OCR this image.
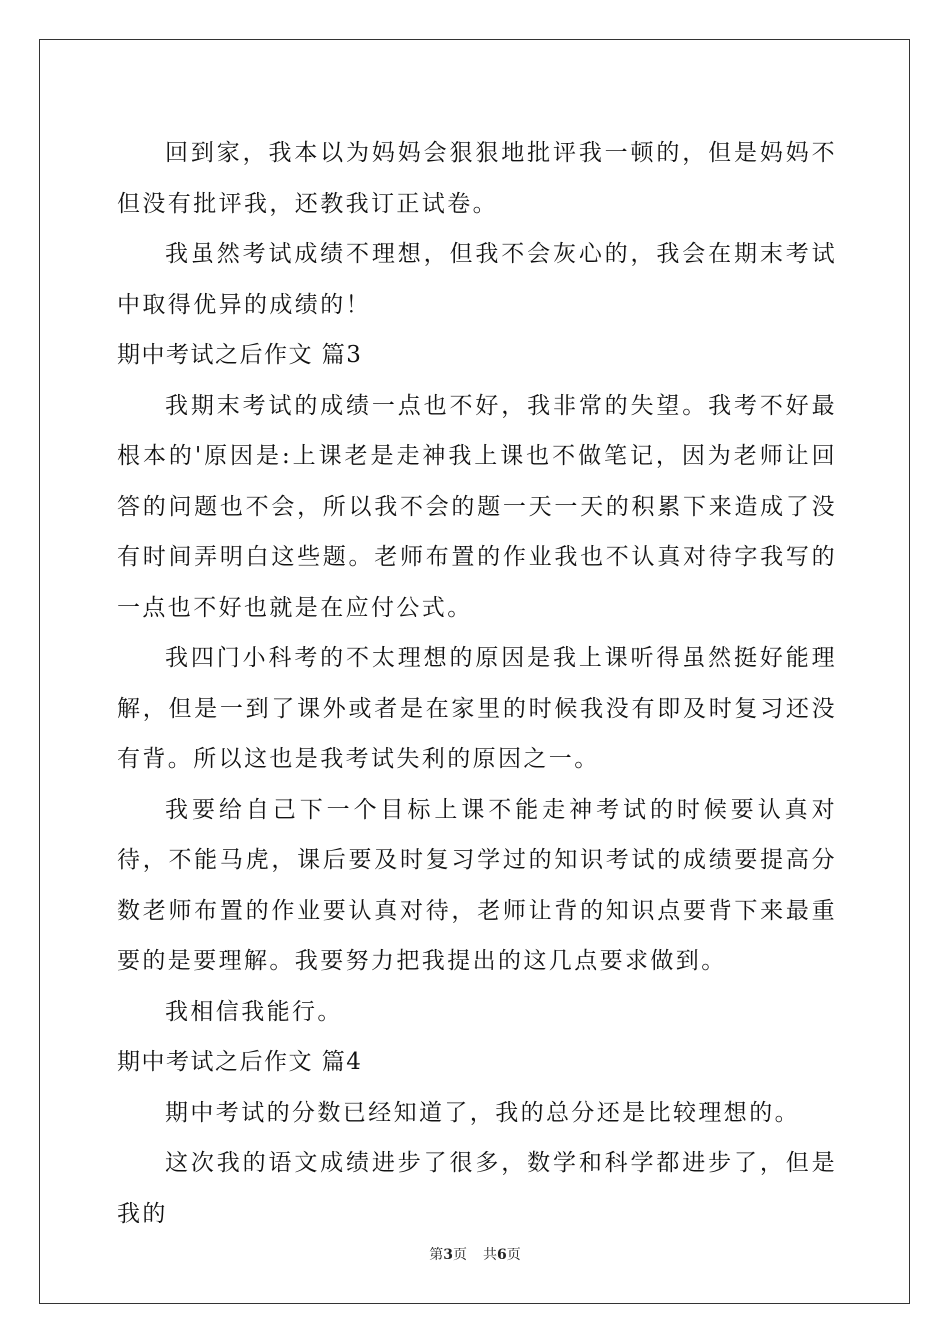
回到家，我本以为妈妈会狠狠地批评我一顿的，但是妈妈不但没有批评我，还教我订正试卷。

我虽然考试成绩不理想，但我不会灰心的，我会在期末考试中取得优异的成绩的！

期中考试之后作文 篇3

我期末考试的成绩一点也不好，我非常的失望。我考不好最根本的'原因是:上课老是走神我上课也不做笔记，因为老师让回答的问题也不会，所以我不会的题一天一天的积累下来造成了没有时间弄明白这些题。老师布置的作业我也不认真对待字我写的一点也不好也就是在应付公式。

我四门小科考的不太理想的原因是我上课听得虽然挺好能理解，但是一到了课外或者是在家里的时候我没有即及时复习还没有背。所以这也是我考试失利的原因之一。

我要给自己下一个目标上课不能走神考试的时候要认真对待，不能马虎，课后要及时复习学过的知识考试的成绩要提高分数老师布置的作业要认真对待，老师让背的知识点要背下来最重要的是要理解。我要努力把我提出的这几点要求做到。

我相信我能行。

期中考试之后作文 篇4

期中考试的分数已经知道了，我的总分还是比较理想的。

这次我的语文成绩进步了很多，数学和科学都进步了，但是我的

第3页 共6页
